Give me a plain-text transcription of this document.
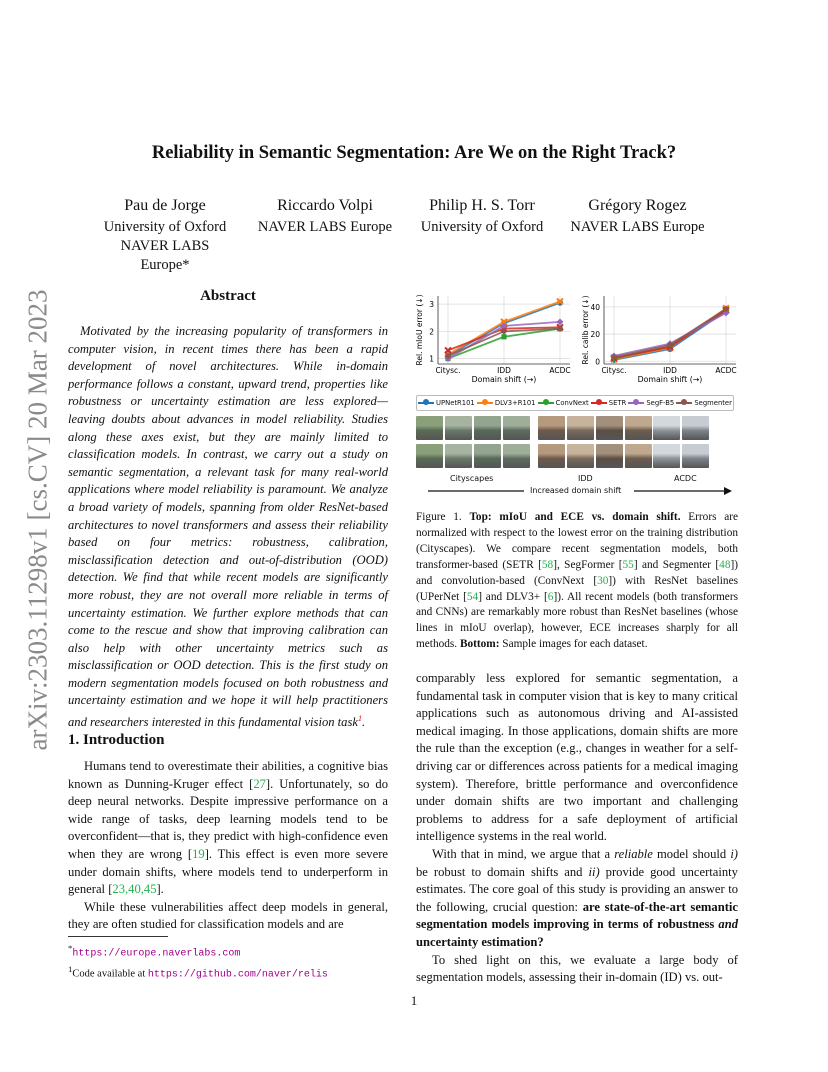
arXiv:2303.11298v1 [cs.CV] 20 Mar 2023
Reliability in Semantic Segmentation: Are We on the Right Track?
Pau de Jorge
University of Oxford
NAVER LABS Europe*
Riccardo Volpi
NAVER LABS Europe
Philip H. S. Torr
University of Oxford
Grégory Rogez
NAVER LABS Europe
Abstract
Motivated by the increasing popularity of transformers in computer vision, in recent times there has been a rapid development of novel architectures. While in-domain performance follows a constant, upward trend, properties like robustness or uncertainty estimation are less explored—leaving doubts about advances in model reliability. Studies along these axes exist, but they are mainly limited to classification models. In contrast, we carry out a study on semantic segmentation, a relevant task for many real-world applications where model reliability is paramount. We analyze a broad variety of models, spanning from older ResNet-based architectures to novel transformers and assess their reliability based on four metrics: robustness, calibration, misclassification detection and out-of-distribution (OOD) detection. We find that while recent models are significantly more robust, they are not overall more reliable in terms of uncertainty estimation. We further explore methods that can come to the rescue and show that improving calibration can also help with other uncertainty metrics such as misclassification or OOD detection. This is the first study on modern segmentation models focused on both robustness and uncertainty estimation and we hope it will help practitioners and researchers interested in this fundamental vision task$^1$.
1. Introduction

Humans tend to overestimate their abilities, a cognitive bias known as Dunning-Kruger effect [27]. Unfortunately, so do deep neural networks. Despite impressive performance on a wide range of tasks, deep learning models tend to be overconfident—that is, they predict with high-confidence even when they are wrong [19]. This effect is even more severe under domain shifts, where models tend to underperform in general [23,40,45].

While these vulnerabilities affect deep models in general, they are often studied for classification models and are

*https://europe.naverlabs.com
$^1$Code available at https://github.com/naver/relis
1
2
3
Citysc.	IDD	ACDC
Domain shift (→)
Rel. mIoU error (↓)	0
20
40
Citysc.	IDD	ACDC
Domain shift (→)
Rel. calib error (↓)
UPNetR101	DLV3+R101	ConvNext	SETR	SegF-B5	Segmenter
Cityscapes	IDD	ACDC
Increased domain shift
Figure 1. Top: mIoU and ECE vs. domain shift. Errors are normalized with respect to the lowest error on the training distribution (Cityscapes). We compare recent segmentation models, both transformer-based (SETR [58], SegFormer [55] and Segmenter [48]) and convolution-based (ConvNext [30]) with ResNet baselines (UPerNet [54] and DLV3+ [6]). All recent models (both transformers and CNNs) are remarkably more robust than ResNet baselines (whose lines in mIoU overlap), however, ECE increases sharply for all methods. Bottom: Sample images for each dataset.

comparably less explored for semantic segmentation, a fundamental task in computer vision that is key to many critical applications such as autonomous driving and AI-assisted medical imaging. In those applications, domain shifts are more the rule than the exception (e.g., changes in weather for a self-driving car or differences across patients for a medical imaging system). Therefore, brittle performance and overconfidence under domain shifts are two important and challenging problems to address for a safe deployment of artificial intelligence systems in the real world.

With that in mind, we argue that a reliable model should i) be robust to domain shifts and ii) provide good uncertainty estimates. The core goal of this study is providing an answer to the following, crucial question: are state-of-the-art semantic segmentation models improving in terms of robustness and uncertainty estimation?

To shed light on this, we evaluate a large body of segmentation models, assessing their in-domain (ID) vs. out-

1
